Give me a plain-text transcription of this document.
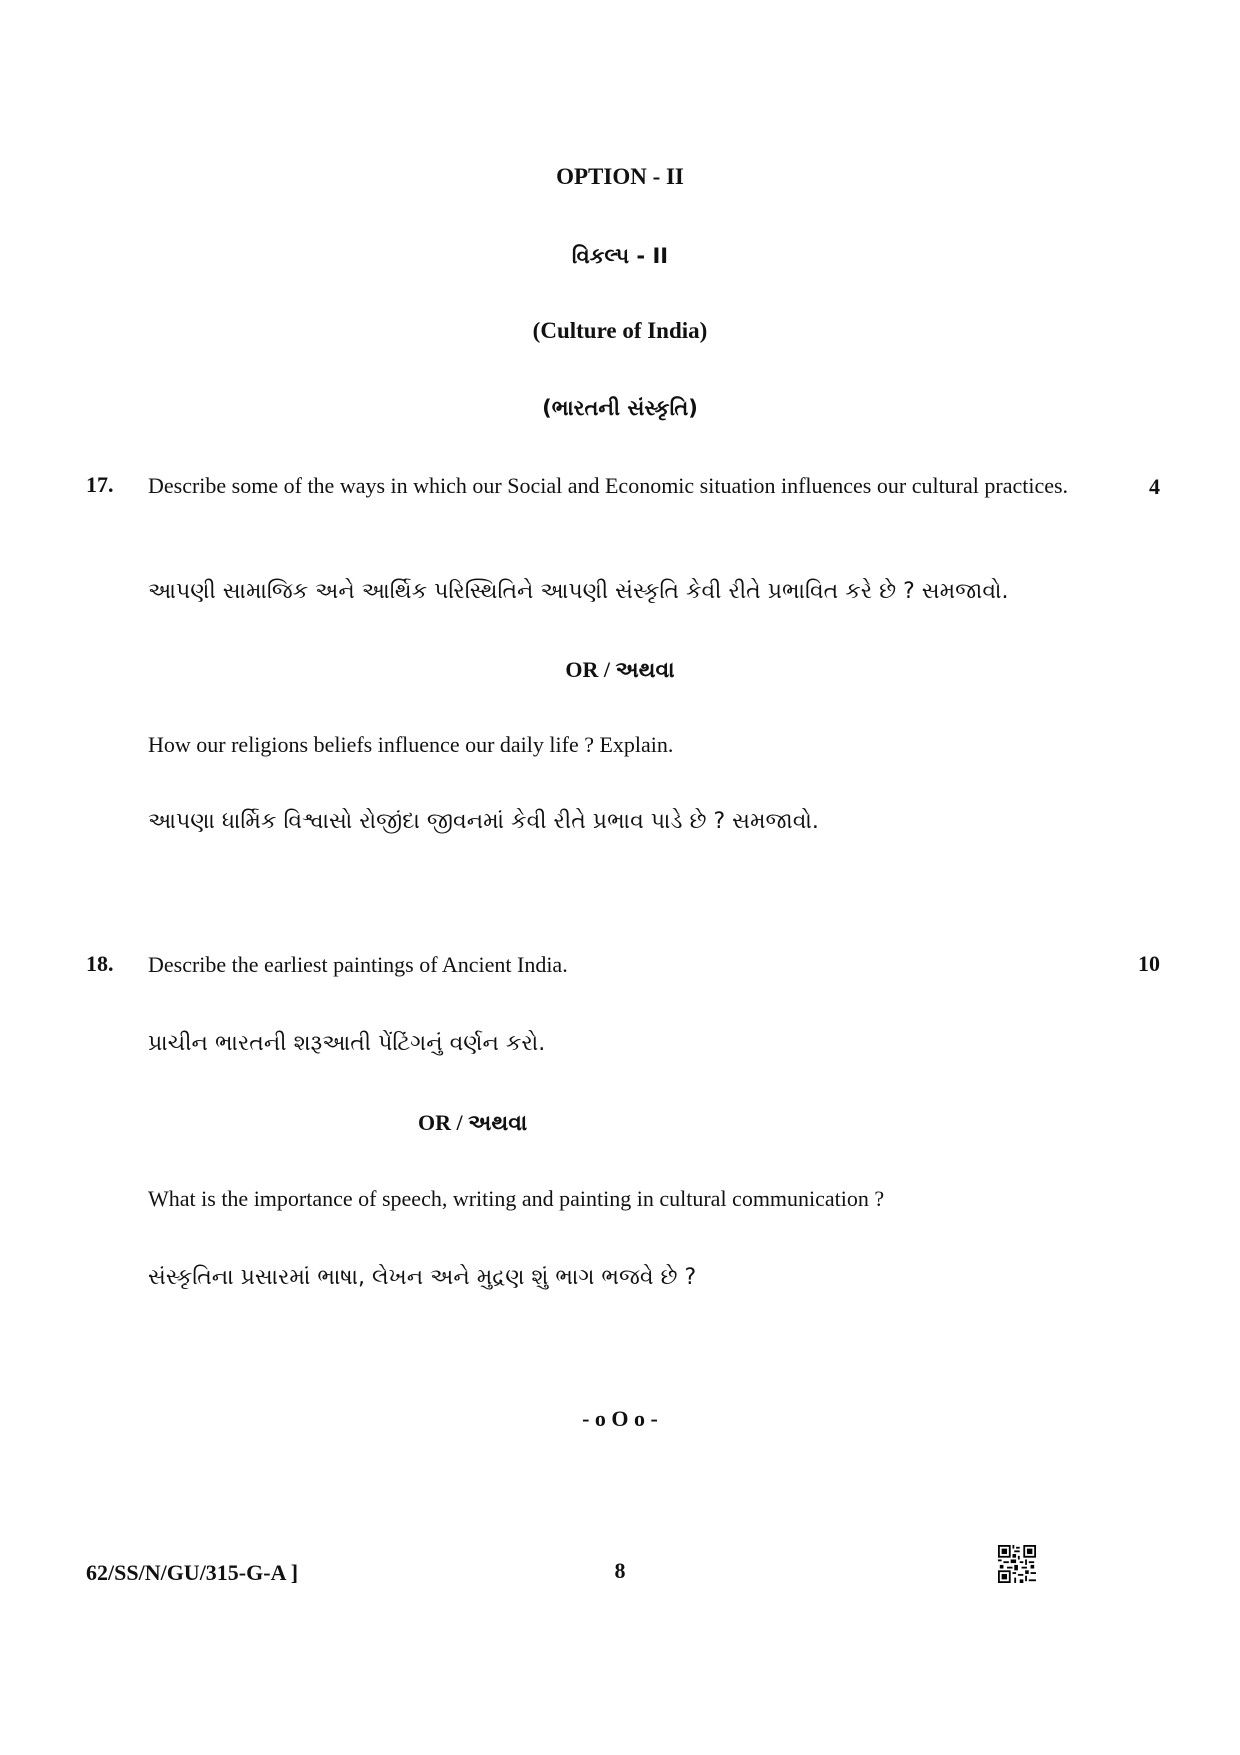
OPTION - II
વિકલ્પ - II
(Culture of India)
(ભારતની સંસ્કૃતિ)
17. Describe some of the ways in which our Social and Economic situation influences our cultural practices.	4
આપણી સામાજિક અને આર્થિક પરિસ્થિતિને આપણી સંસ્કૃતિ કેવી રીતે પ્રભાવિત કરે છે ? સમજાવો.
OR / અથવા
How our religions beliefs influence our daily life ? Explain.
આપણા ધાર્મિક વિશ્વાસો રોજીંદા જીવનમાં કેવી રીતે પ્રભાવ પાડે છે ? સમજાવો.
18. Describe the earliest paintings of Ancient India.	10
પ્રાચીન ભારતની શરૂઆતી પેંટિંગનું વર્ણન કરો.
OR / અથવા
What is the importance of speech, writing and painting in cultural communication ?
સંસ્કૃતિના પ્રસારમાં ભાષા, લેખન અને મુદ્રણ શું ભાગ ભજવે છે ?
- o O o -
62/SS/N/GU/315-G-A ]	8
